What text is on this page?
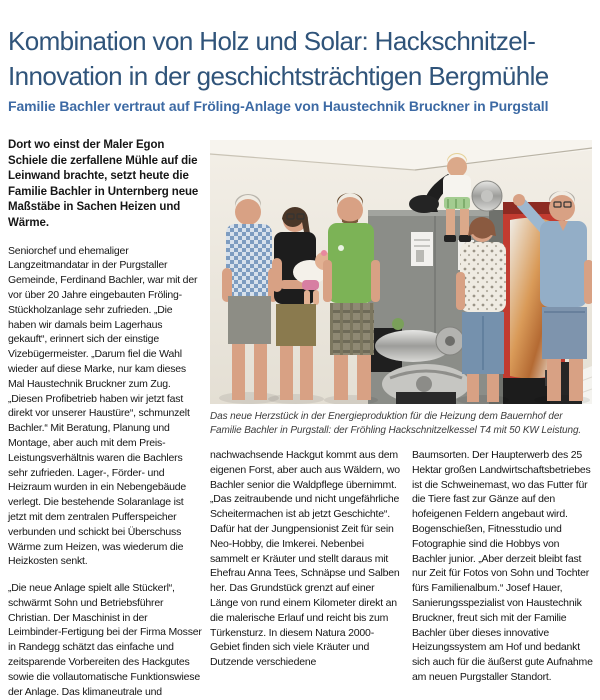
Kombination von Holz und Solar: Hackschnitzel-Innovation in der geschichtsträchtigen Bergmühle
Familie Bachler vertraut auf Fröling-Anlage von Haustechnik Bruckner in Purgstall

Dort wo einst der Maler Egon Schiele die zerfallene Mühle auf die Leinwand brachte, setzt heute die Familie Bachler in Unternberg neue Maßstäbe in Sachen Heizen und Wärme.

Seniorchef und ehemaliger Langzeitmandatar in der Purgstaller Gemeinde, Ferdinand Bachler, war mit der vor über 20 Jahre eingebauten Fröling-Stückholzanlage sehr zufrieden. „Die haben wir damals beim Lagerhaus gekauft“, erinnert sich der einstige Vizebügermeister. „Darum fiel die Wahl wieder auf diese Marke, nur kam dieses Mal Haustechnik Bruckner zum Zug. „Diesen Profibetrieb haben wir jetzt fast direkt vor unserer Haustüre“, schmunzelt Bachler.“ Mit Beratung, Planung und Montage, aber auch mit dem Preis-Leistungsverhältnis waren die Bachlers sehr zufrieden. Lager-, Förder- und Heizraum wurden in ein Nebengebäude verlegt. Die bestehende Solaranlage ist jetzt mit dem zentralen Pufferspeicher verbunden und schickt bei Überschuss Wärme zum Heizen, was wiederum die Heizkosten senkt.

„Die neue Anlage spielt alle Stückerl“, schwärmt Sohn und Betriebsführer Christian. Der Maschinist in der Leimbinder-Fertigung bei der Firma Mosser in Randegg schätzt das einfache und zeitsparende Vorbereiten des Hackgutes sowie die vollautomatische Funktionswiese der Anlage. Das klimaneutrale und

Das neue Herzstück in der Energieproduktion für die Heizung dem Bauernhof der Familie Bachler in Purgstall: der Fröhling Hackschnitzelkessel T4 mit 50 KW Leistung.

nachwachsende Hackgut kommt aus dem eigenen Forst, aber auch aus Wäldern, wo Bachler senior die Waldpflege übernimmt. „Das zeitraubende und nicht ungefährliche Scheitermachen ist ab jetzt Geschichte“. Dafür hat der Jungpensionist Zeit für sein Neo-Hobby, die Imkerei. Nebenbei sammelt er Kräuter und stellt daraus mit Ehefrau Anna Tees, Schnäpse und Salben her. Das Grundstück grenzt auf einer Länge von rund einem Kilometer direkt an die malerische Erlauf und reicht bis zum Türkensturz. In diesem Natura 2000-Gebiet finden sich viele Kräuter und Dutzende verschiedene

Baumsorten. Der Haupterwerb des 25 Hektar großen Landwirtschaftsbetriebes ist die Schweinemast, wo das Futter für die Tiere fast zur Gänze auf den hofeigenen Feldern angebaut wird. Bogenschießen, Fitnesstudio und Fotographie sind die Hobbys von Bachler junior. „Aber derzeit bleibt fast nur Zeit für Fotos von Sohn und Tochter fürs Familienalbum.“ Josef Hauer, Sanierungsspezialist von Haustechnik Bruckner, freut sich mit der Familie Bachler über dieses innovative Heizungssystem am Hof und bedankt sich auch für die äußerst gute Aufnahme am neuen Purgstaller Standort.
